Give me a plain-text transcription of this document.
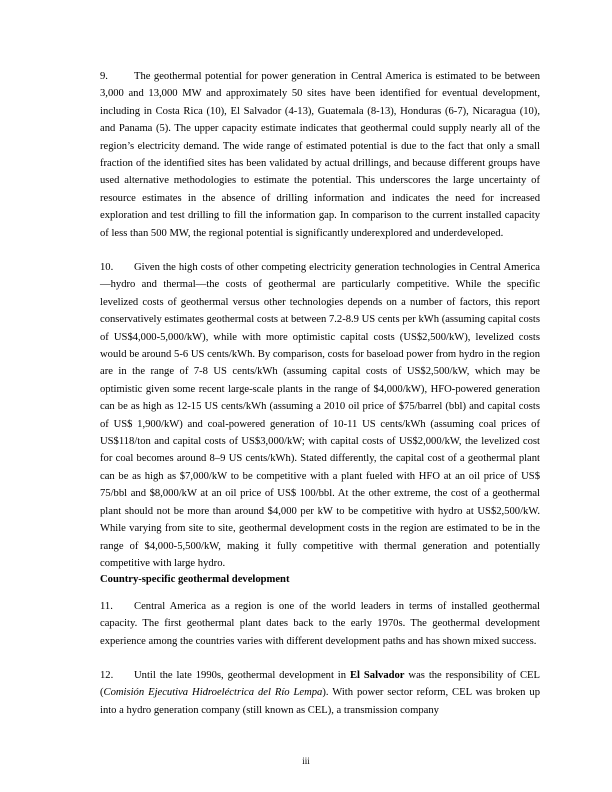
9. The geothermal potential for power generation in Central America is estimated to be between 3,000 and 13,000 MW and approximately 50 sites have been identified for eventual development, including in Costa Rica (10), El Salvador (4-13), Guatemala (8-13), Honduras (6-7), Nicaragua (10), and Panama (5). The upper capacity estimate indicates that geothermal could supply nearly all of the region’s electricity demand. The wide range of estimated potential is due to the fact that only a small fraction of the identified sites has been validated by actual drillings, and because different groups have used alternative methodologies to estimate the potential. This underscores the large uncertainty of resource estimates in the absence of drilling information and indicates the need for increased exploration and test drilling to fill the information gap. In comparison to the current installed capacity of less than 500 MW, the regional potential is significantly underexplored and underdeveloped.

10. Given the high costs of other competing electricity generation technologies in Central America—hydro and thermal—the costs of geothermal are particularly competitive. While the specific levelized costs of geothermal versus other technologies depends on a number of factors, this report conservatively estimates geothermal costs at between 7.2-8.9 US cents per kWh (assuming capital costs of US$4,000-5,000/kW), while with more optimistic capital costs (US$2,500/kW), levelized costs would be around 5-6 US cents/kWh. By comparison, costs for baseload power from hydro in the region are in the range of 7-8 US cents/kWh (assuming capital costs of US$2,500/kW, which may be optimistic given some recent large-scale plants in the range of $4,000/kW), HFO-powered generation can be as high as 12-15 US cents/kWh (assuming a 2010 oil price of $75/barrel (bbl) and capital costs of US$ 1,900/kW) and coal-powered generation of 10-11 US cents/kWh (assuming coal prices of US$118/ton and capital costs of US$3,000/kW; with capital costs of US$2,000/kW, the levelized cost for coal becomes around 8–9 US cents/kWh). Stated differently, the capital cost of a geothermal plant can be as high as $7,000/kW to be competitive with a plant fueled with HFO at an oil price of US$ 75/bbl and $8,000/kW at an oil price of US$ 100/bbl. At the other extreme, the cost of a geothermal plant should not be more than around $4,000 per kW to be competitive with hydro at US$2,500/kW. While varying from site to site, geothermal development costs in the region are estimated to be in the range of $4,000-5,500/kW, making it fully competitive with thermal generation and potentially competitive with large hydro.

Country-specific geothermal development

11. Central America as a region is one of the world leaders in terms of installed geothermal capacity. The first geothermal plant dates back to the early 1970s. The geothermal development experience among the countries varies with different development paths and has shown mixed success.

12. Until the late 1990s, geothermal development in El Salvador was the responsibility of CEL (Comisión Ejecutiva Hidroeléctrica del Río Lempa). With power sector reform, CEL was broken up into a hydro generation company (still known as CEL), a transmission company

iii
